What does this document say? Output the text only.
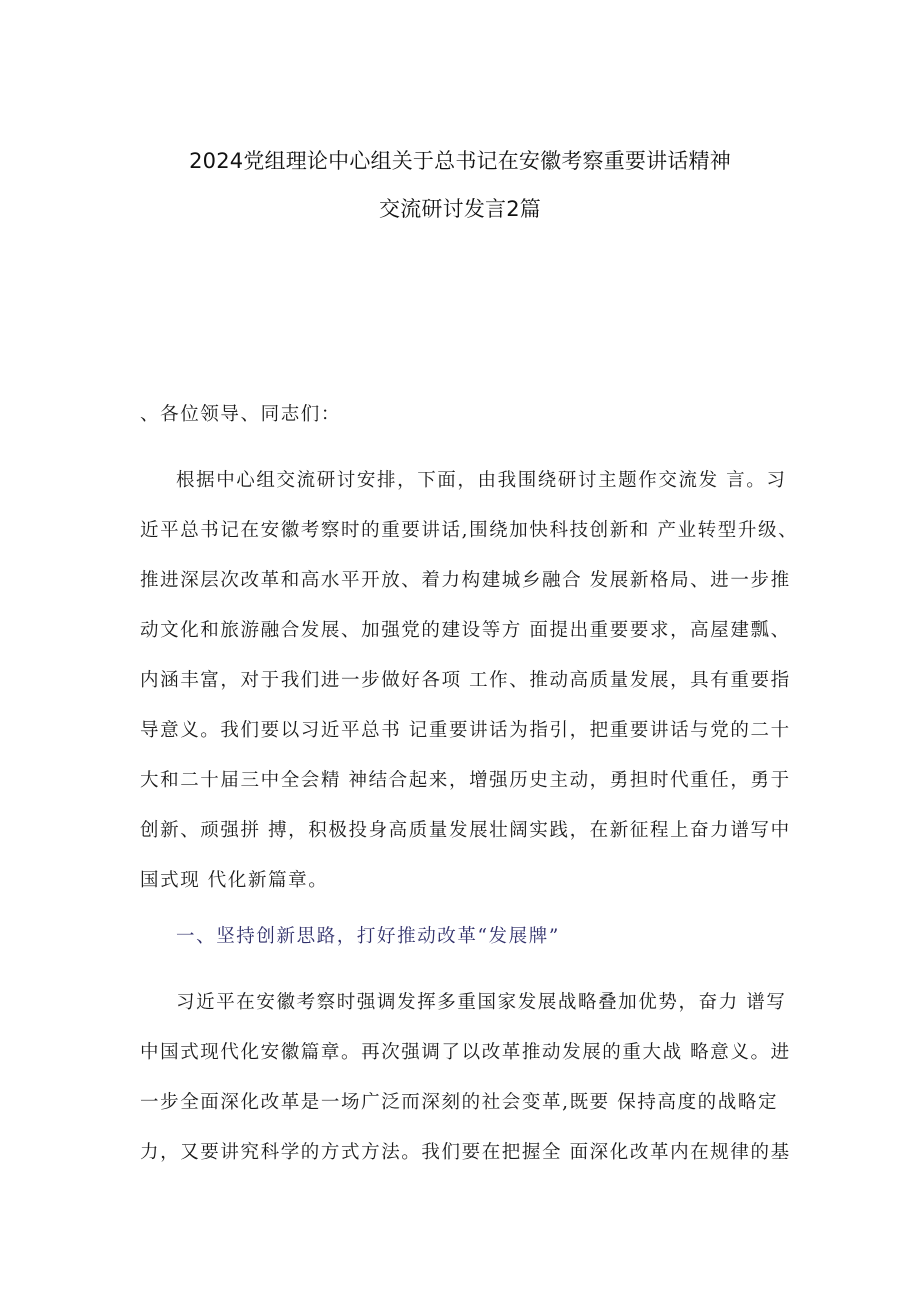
2024党组理论中心组关于总书记在安徽考察重要讲话精神
交流研讨发言2篇
、各位领导、同志们：
根据中心组交流研讨安排，下面，由我围绕研讨主题作交流发 言。习
近平总书记在安徽考察时的重要讲话,围绕加快科技创新和 产业转型升级、
推进深层次改革和高水平开放、着力构建城乡融合 发展新格局、进一步推
动文化和旅游融合发展、加强党的建设等方 面提出重要要求，高屋建瓢、
内涵丰富，对于我们进一步做好各项 工作、推动高质量发展，具有重要指
导意义。我们要以习近平总书 记重要讲话为指引，把重要讲话与党的二十
大和二十届三中全会精 神结合起来，增强历史主动，勇担时代重任，勇于
创新、顽强拼 搏，积极投身高质量发展壮阔实践，在新征程上奋力谱写中
国式现 代化新篇章。
一、坚持创新思路，打好推动改革“发展牌”
习近平在安徽考察时强调发挥多重国家发展战略叠加优势，奋力 谱写
中国式现代化安徽篇章。再次强调了以改革推动发展的重大战 略意义。进
一步全面深化改革是一场广泛而深刻的社会变革,既要 保持高度的战略定
力，又要讲究科学的方式方法。我们要在把握全 面深化改革内在规律的基
